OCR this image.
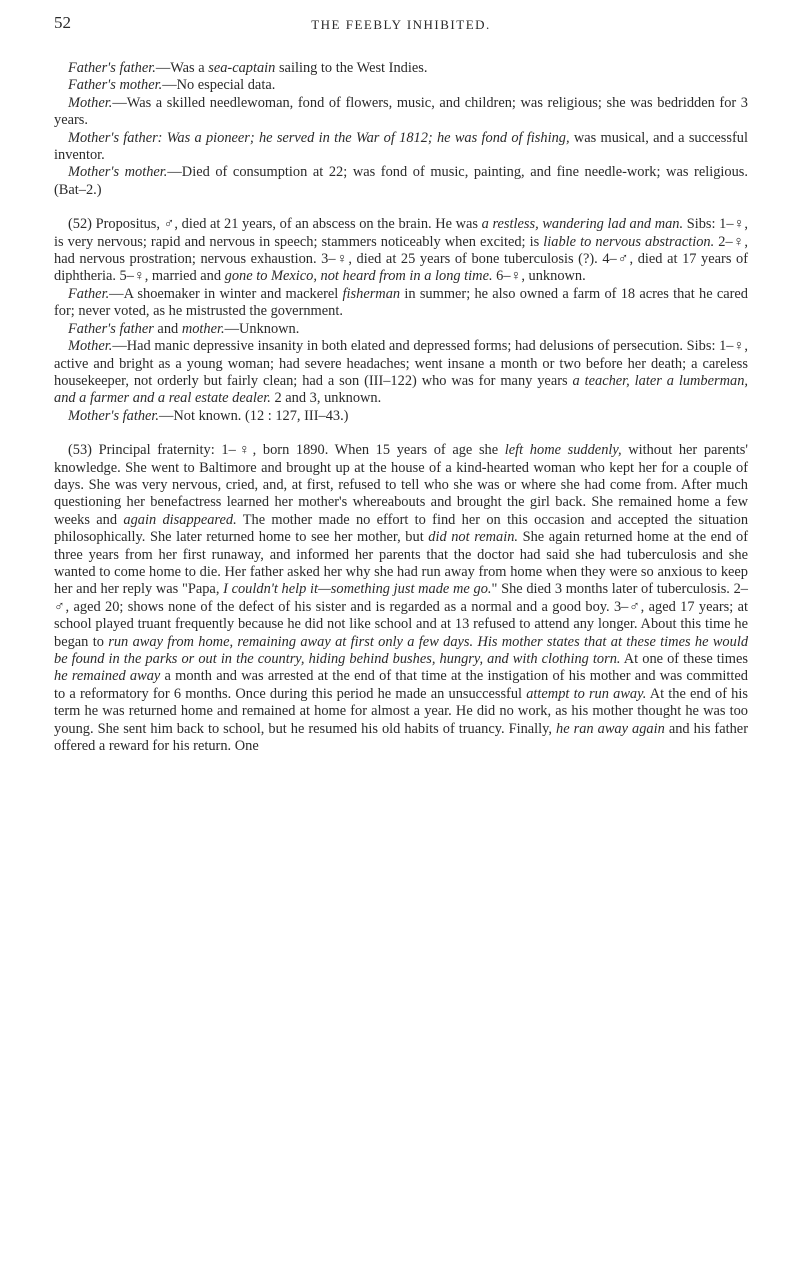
52	THE FEEBLY INHIBITED.

Father's father.—Was a sea-captain sailing to the West Indies.

Father's mother.—No especial data.

Mother.—Was a skilled needlewoman, fond of flowers, music, and children; was religious; she was bedridden for 3 years.

Mother's father: Was a pioneer; he served in the War of 1812; he was fond of fishing, was musical, and a successful inventor.

Mother's mother.—Died of consumption at 22; was fond of music, painting, and fine needle-work; was religious. (Bat–2.)

(52) Propositus, ♂, died at 21 years, of an abscess on the brain. He was a restless, wandering lad and man. Sibs: 1–♀, is very nervous; rapid and nervous in speech; stammers noticeably when excited; is liable to nervous abstraction. 2–♀, had nervous prostration; nervous exhaustion. 3–♀, died at 25 years of bone tuberculosis (?). 4–♂, died at 17 years of diphtheria. 5–♀, married and gone to Mexico, not heard from in a long time. 6–♀, unknown.

Father.—A shoemaker in winter and mackerel fisherman in summer; he also owned a farm of 18 acres that he cared for; never voted, as he mistrusted the government.

Father's father and mother.—Unknown.

Mother.—Had manic depressive insanity in both elated and depressed forms; had delusions of persecution. Sibs: 1–♀, active and bright as a young woman; had severe headaches; went insane a month or two before her death; a careless housekeeper, not orderly but fairly clean; had a son (III–122) who was for many years a teacher, later a lumberman, and a farmer and a real estate dealer. 2 and 3, unknown.

Mother's father.—Not known. (12 : 127, III–43.)

(53) Principal fraternity: 1–♀, born 1890. When 15 years of age she left home suddenly, without her parents' knowledge. She went to Baltimore and brought up at the house of a kind-hearted woman who kept her for a couple of days. She was very nervous, cried, and, at first, refused to tell who she was or where she had come from. After much questioning her benefactress learned her mother's whereabouts and brought the girl back. She remained home a few weeks and again disappeared. The mother made no effort to find her on this occasion and accepted the situation philosophically. She later returned home to see her mother, but did not remain. She again returned home at the end of three years from her first runaway, and informed her parents that the doctor had said she had tuberculosis and she wanted to come home to die. Her father asked her why she had run away from home when they were so anxious to keep her and her reply was "Papa, I couldn't help it—something just made me go." She died 3 months later of tuberculosis. 2–♂, aged 20; shows none of the defect of his sister and is regarded as a normal and a good boy. 3–♂, aged 17 years; at school played truant frequently because he did not like school and at 13 refused to attend any longer. About this time he began to run away from home, remaining away at first only a few days. His mother states that at these times he would be found in the parks or out in the country, hiding behind bushes, hungry, and with clothing torn. At one of these times he remained away a month and was arrested at the end of that time at the instigation of his mother and was committed to a reformatory for 6 months. Once during this period he made an unsuccessful attempt to run away. At the end of his term he was returned home and remained at home for almost a year. He did no work, as his mother thought he was too young. She sent him back to school, but he resumed his old habits of truancy. Finally, he ran away again and his father offered a reward for his return. One
